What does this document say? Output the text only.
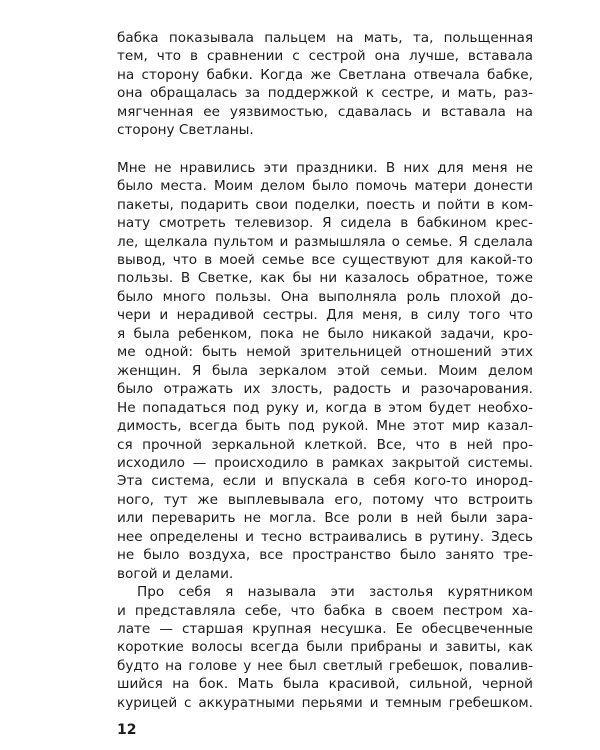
бабка показывала пальцем на мать, та, польщенная
тем, что в сравнении с сестрой она лучше, вставала
на сторону бабки. Когда же Светлана отвечала бабке,
она обращалась за поддержкой к сестре, и мать, раз-
мягченная ее уязвимостью, сдавалась и вставала на
сторону Светланы.
Мне не нравились эти праздники. В них для меня не
было места. Моим делом было помочь матери донести
пакеты, подарить свои поделки, поесть и пойти в ком-
нату смотреть телевизор. Я сидела в бабкином крес-
ле, щелкала пультом и размышляла о семье. Я сделала
вывод, что в моей семье все существуют для какой-то
пользы. В Светке, как бы ни казалось обратное, тоже
было много пользы. Она выполняла роль плохой до-
чери и нерадивой сестры. Для меня, в силу того что
я была ребенком, пока не было никакой задачи, кро-
ме одной: быть немой зрительницей отношений этих
женщин. Я была зеркалом этой семьи. Моим делом
было отражать их злость, радость и разочарования.
Не попадаться под руку и, когда в этом будет необхо-
димость, всегда быть под рукой. Мне этот мир казал-
ся прочной зеркальной клеткой. Все, что в ней про-
исходило — происходило в рамках закрытой системы.
Эта система, если и впускала в себя кого-то инород-
ного, тут же выплевывала его, потому что встроить
или переварить не могла. Все роли в ней были зара-
нее определены и тесно встраивались в рутину. Здесь
не было воздуха, все пространство было занято тре-
вогой и делами.
Про себя я называла эти застолья курятником
и представляла себе, что бабка в своем пестром ха-
лате — старшая крупная несушка. Ее обесцвеченные
короткие волосы всегда были прибраны и завиты, как
будто на голове у нее был светлый гребешок, повалив-
шийся на бок. Мать была красивой, сильной, черной
курицей с аккуратными перьями и темным гребешком.
12
